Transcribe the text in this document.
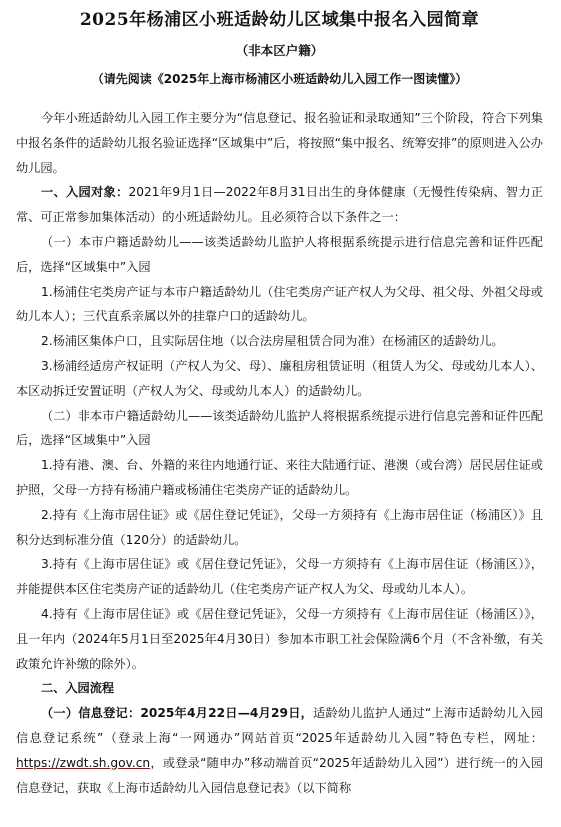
2025年杨浦区小班适龄幼儿区域集中报名入园简章
（非本区户籍）
（请先阅读《2025年上海市杨浦区小班适龄幼儿入园工作一图读懂》）

今年小班适龄幼儿入园工作主要分为“信息登记、报名验证和录取通知”三个阶段，符合下列集中报名条件的适龄幼儿报名验证选择“区域集中”后，将按照“集中报名、统筹安排”的原则进入公办幼儿园。

一、入园对象：2021年9月1日—2022年8月31日出生的身体健康（无慢性传染病、智力正常、可正常参加集体活动）的小班适龄幼儿。且必须符合以下条件之一：

（一）本市户籍适龄幼儿——该类适龄幼儿监护人将根据系统提示进行信息完善和证件匹配后，选择“区域集中”入园

1.杨浦住宅类房产证与本市户籍适龄幼儿（住宅类房产证产权人为父母、祖父母、外祖父母或幼儿本人）；三代直系亲属以外的挂靠户口的适龄幼儿。

2.杨浦区集体户口，且实际居住地（以合法房屋租赁合同为准）在杨浦区的适龄幼儿。

3.杨浦经适房产权证明（产权人为父、母）、廉租房租赁证明（租赁人为父、母或幼儿本人）、本区动拆迁安置证明（产权人为父、母或幼儿本人）的适龄幼儿。

（二）非本市户籍适龄幼儿——该类适龄幼儿监护人将根据系统提示进行信息完善和证件匹配后，选择“区域集中”入园

1.持有港、澳、台、外籍的来往内地通行证、来往大陆通行证、港澳（或台湾）居民居住证或护照，父母一方持有杨浦户籍或杨浦住宅类房产证的适龄幼儿。

2.持有《上海市居住证》或《居住登记凭证》，父母一方须持有《上海市居住证（杨浦区）》且积分达到标准分值（120分）的适龄幼儿。

3.持有《上海市居住证》或《居住登记凭证》，父母一方须持有《上海市居住证（杨浦区）》，并能提供本区住宅类房产证的适龄幼儿（住宅类房产证产权人为父、母或幼儿本人）。

4.持有《上海市居住证》或《居住登记凭证》，父母一方须持有《上海市居住证（杨浦区）》，且一年内（2024年5月1日至2025年4月30日）参加本市职工社会保险满6个月（不含补缴，有关政策允许补缴的除外）。

二、入园流程

（一）信息登记：2025年4月22日—4月29日，适龄幼儿监护人通过“上海市适龄幼儿入园信息登记系统”（登录上海“一网通办”网站首页“2025年适龄幼儿入园”特色专栏，网址：https://zwdt.sh.gov.cn，或登录“随申办”移动端首页“2025年适龄幼儿入园”）进行统一的入园信息登记，获取《上海市适龄幼儿入园信息登记表》（以下简称
